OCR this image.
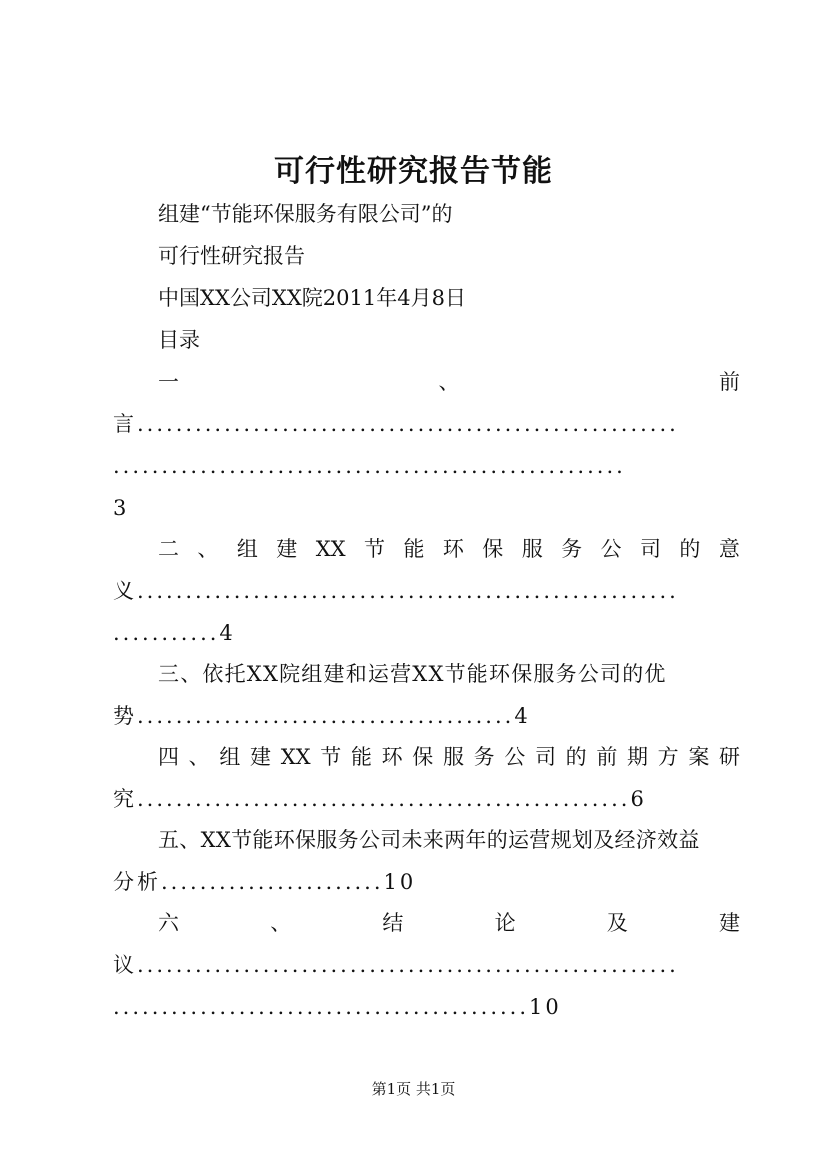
可行性研究报告节能
组建“节能环保服务有限公司”的
可行性研究报告
中国XX公司XX院2011年4月8日
目录
一	、	前
言........................................................
.....................................................
3
二 、 组 建 XX 节 能 环 保 服 务 公 司 的 意
义........................................................
...........4
三、依托XX院组建和运营XX节能环保服务公司的优
势.......................................4
四 、 组 建 XX 节 能 环 保 服 务 公 司 的 前 期 方 案 研
究...................................................6
五、XX节能环保服务公司未来两年的运营规划及经济效益
分析.......................10
六	、	结	论	及	建
议........................................................
...........................................10
第1页 共1页
